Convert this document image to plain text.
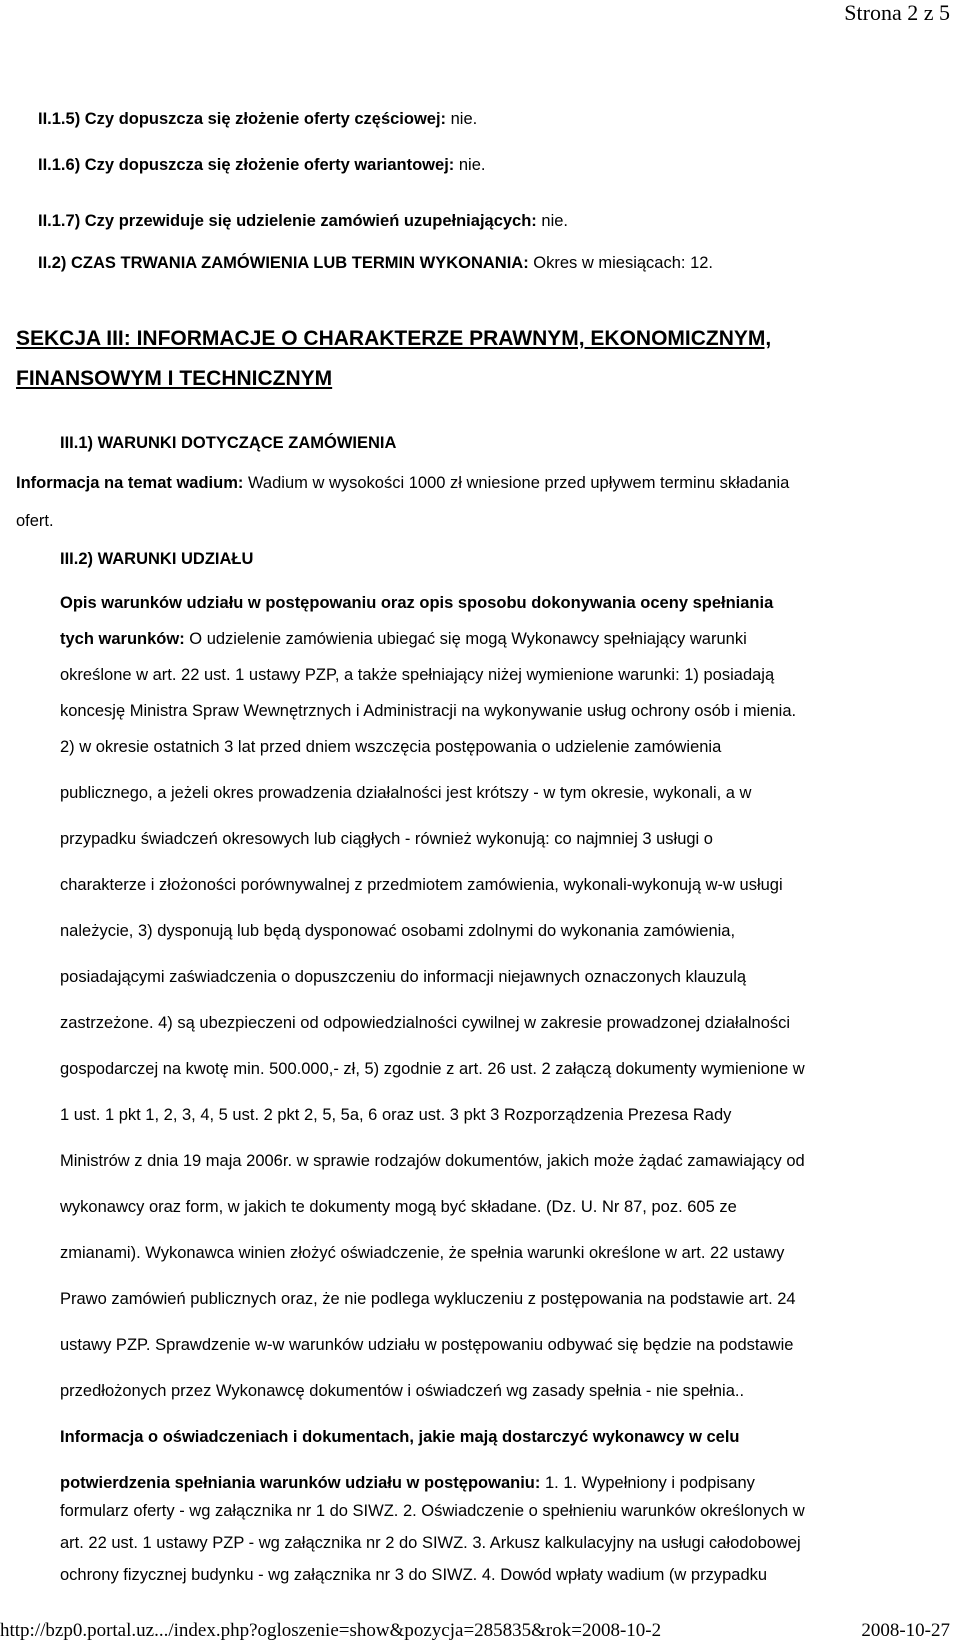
Strona 2 z 5
II.1.5) Czy dopuszcza się złożenie oferty częściowej: nie.
II.1.6) Czy dopuszcza się złożenie oferty wariantowej: nie.
II.1.7) Czy przewiduje się udzielenie zamówień uzupełniających: nie.
II.2) CZAS TRWANIA ZAMÓWIENIA LUB TERMIN WYKONANIA: Okres w miesiącach: 12.
SEKCJA III: INFORMACJE O CHARAKTERZE PRAWNYM, EKONOMICZNYM,
FINANSOWYM I TECHNICZNYM
III.1) WARUNKI DOTYCZĄCE ZAMÓWIENIA
Informacja na temat wadium: Wadium w wysokości 1000 zł wniesione przed upływem terminu składania
ofert.
III.2) WARUNKI UDZIAŁU
Opis warunków udziału w postępowaniu oraz opis sposobu dokonywania oceny spełniania
tych warunków: O udzielenie zamówienia ubiegać się mogą Wykonawcy spełniający warunki
określone w art. 22 ust. 1 ustawy PZP, a także spełniający niżej wymienione warunki: 1) posiadają
koncesję Ministra Spraw Wewnętrznych i Administracji na wykonywanie usług ochrony osób i mienia.
2) w okresie ostatnich 3 lat przed dniem wszczęcia postępowania o udzielenie zamówienia
publicznego, a jeżeli okres prowadzenia działalności jest krótszy - w tym okresie, wykonali, a w
przypadku świadczeń okresowych lub ciągłych - również wykonują: co najmniej 3 usługi o
charakterze i złożoności porównywalnej z przedmiotem zamówienia, wykonali-wykonują w-w usługi
należycie, 3) dysponują lub będą dysponować osobami zdolnymi do wykonania zamówienia,
posiadającymi zaświadczenia o dopuszczeniu do informacji niejawnych oznaczonych klauzulą
zastrzeżone. 4) są ubezpieczeni od odpowiedzialności cywilnej w zakresie prowadzonej działalności
gospodarczej na kwotę min. 500.000,- zł, 5) zgodnie z art. 26 ust. 2 załączą dokumenty wymienione w
1 ust. 1 pkt 1, 2, 3, 4, 5 ust. 2 pkt 2, 5, 5a, 6 oraz ust. 3 pkt 3 Rozporządzenia Prezesa Rady
Ministrów z dnia 19 maja 2006r. w sprawie rodzajów dokumentów, jakich może żądać zamawiający od
wykonawcy oraz form, w jakich te dokumenty mogą być składane. (Dz. U. Nr 87, poz. 605 ze
zmianami). Wykonawca winien złożyć oświadczenie, że spełnia warunki określone w art. 22 ustawy
Prawo zamówień publicznych oraz, że nie podlega wykluczeniu z postępowania na podstawie art. 24
ustawy PZP. Sprawdzenie w-w warunków udziału w postępowaniu odbywać się będzie na podstawie
przedłożonych przez Wykonawcę dokumentów i oświadczeń wg zasady spełnia - nie spełnia..
Informacja o oświadczeniach i dokumentach, jakie mają dostarczyć wykonawcy w celu
potwierdzenia spełniania warunków udziału w postępowaniu: 1. 1. Wypełniony i podpisany
formularz oferty - wg załącznika nr 1 do SIWZ. 2. Oświadczenie o spełnieniu warunków określonych w
art. 22 ust. 1 ustawy PZP - wg załącznika nr 2 do SIWZ. 3. Arkusz kalkulacyjny na usługi całodobowej
http://bzp0.portal.uz.../index.php?ogloszenie=show&pozycja=285835&rok=2008-10-2	2008-10-27
ochrony fizycznej budynku - wg załącznika nr 3 do SIWZ. 4. Dowód wpłaty wadium (w przypadku
